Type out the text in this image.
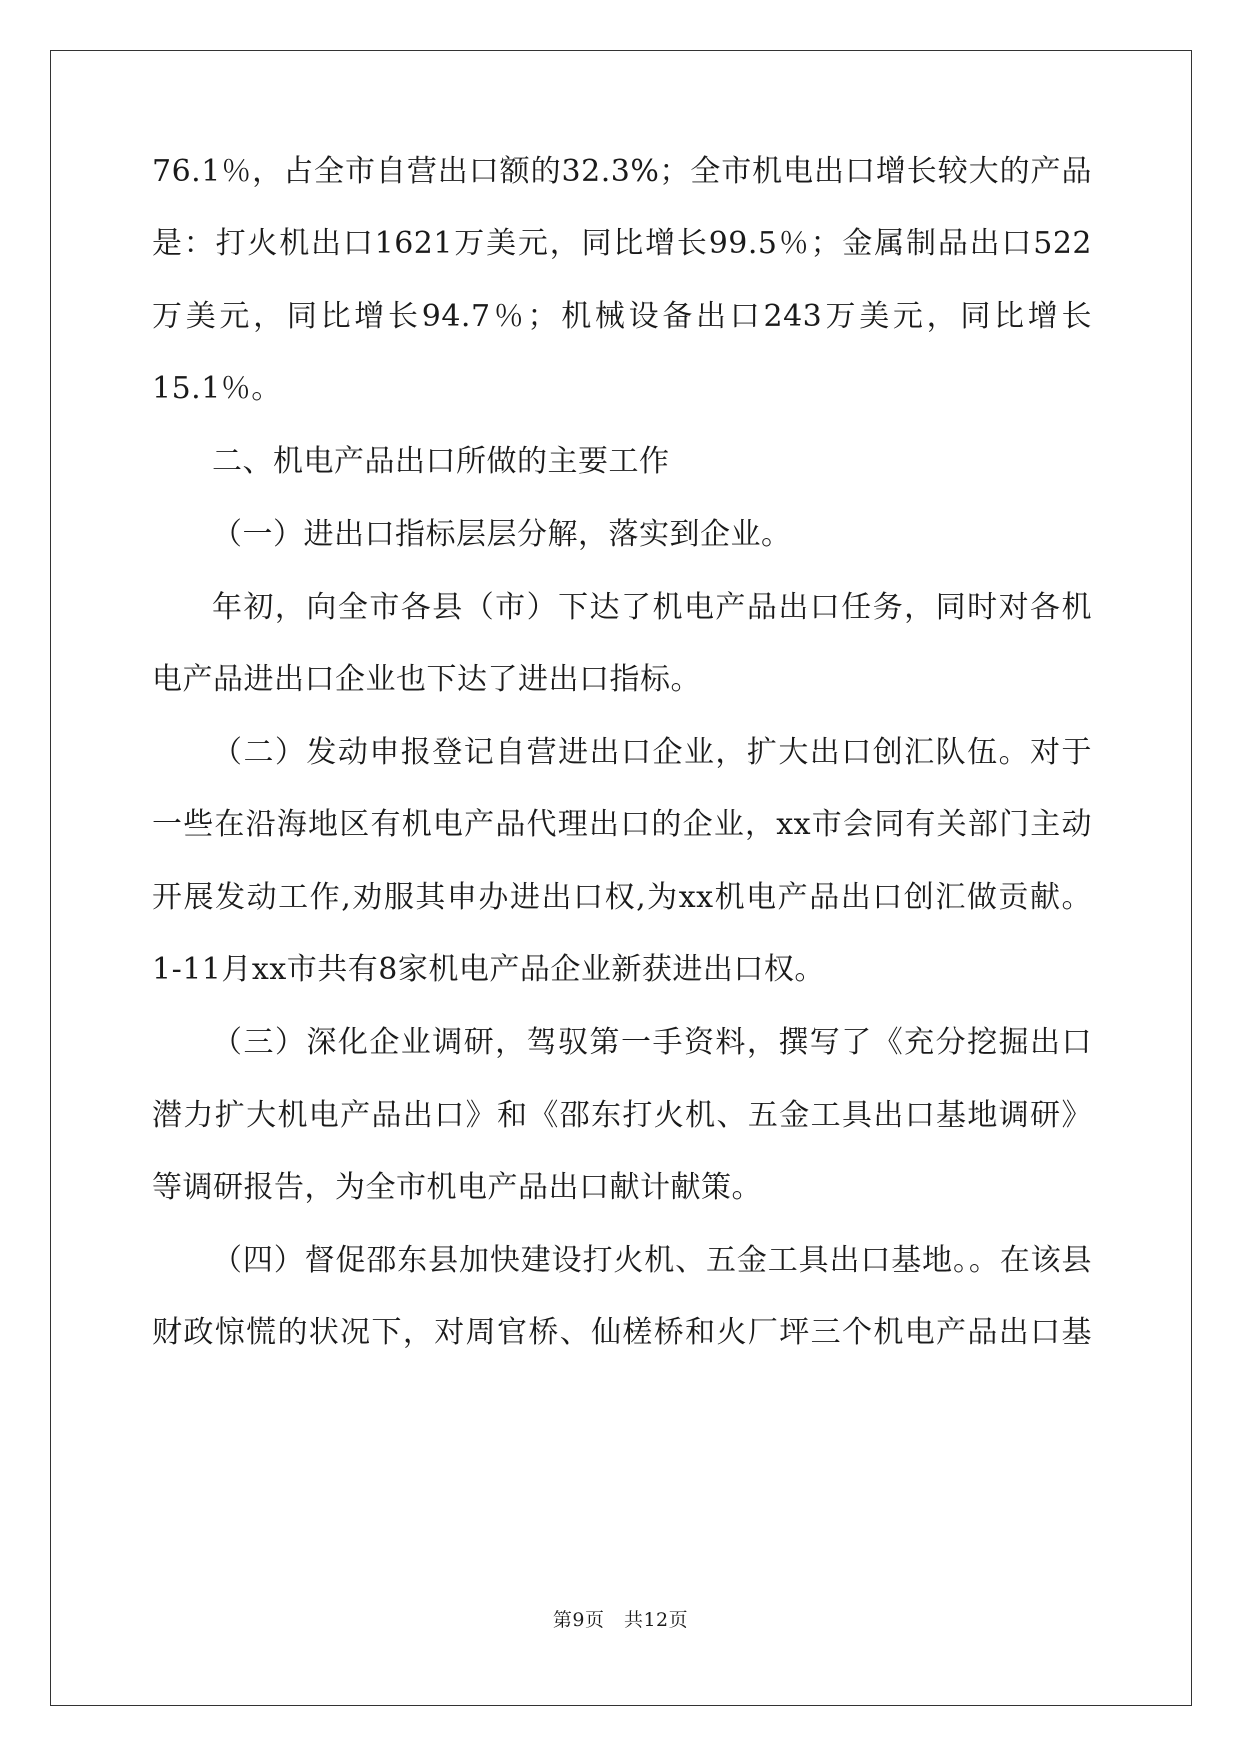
76.1％，占全市自营出口额的32.3%；全市机电出口增长较大的产品
是：打火机出口1621万美元，同比增长99.5％；金属制品出口522
万美元，同比增长94.7％；机械设备出口243万美元，同比增长
15.1％。
二、机电产品出口所做的主要工作
（一）进出口指标层层分解，落实到企业。
年初，向全市各县（市）下达了机电产品出口任务，同时对各机
电产品进出口企业也下达了进出口指标。
（二）发动申报登记自营进出口企业，扩大出口创汇队伍。对于
一些在沿海地区有机电产品代理出口的企业，xx市会同有关部门主动
开展发动工作,劝服其申办进出口权,为xx机电产品出口创汇做贡献。
1-11月xx市共有8家机电产品企业新获进出口权。
（三）深化企业调研，驾驭第一手资料，撰写了《充分挖掘出口
潜力扩大机电产品出口》和《邵东打火机、五金工具出口基地调研》
等调研报告，为全市机电产品出口献计献策。
（四）督促邵东县加快建设打火机、五金工具出口基地。。在该县
财政惊慌的状况下，对周官桥、仙槎桥和火厂坪三个机电产品出口基
第9页　共12页
